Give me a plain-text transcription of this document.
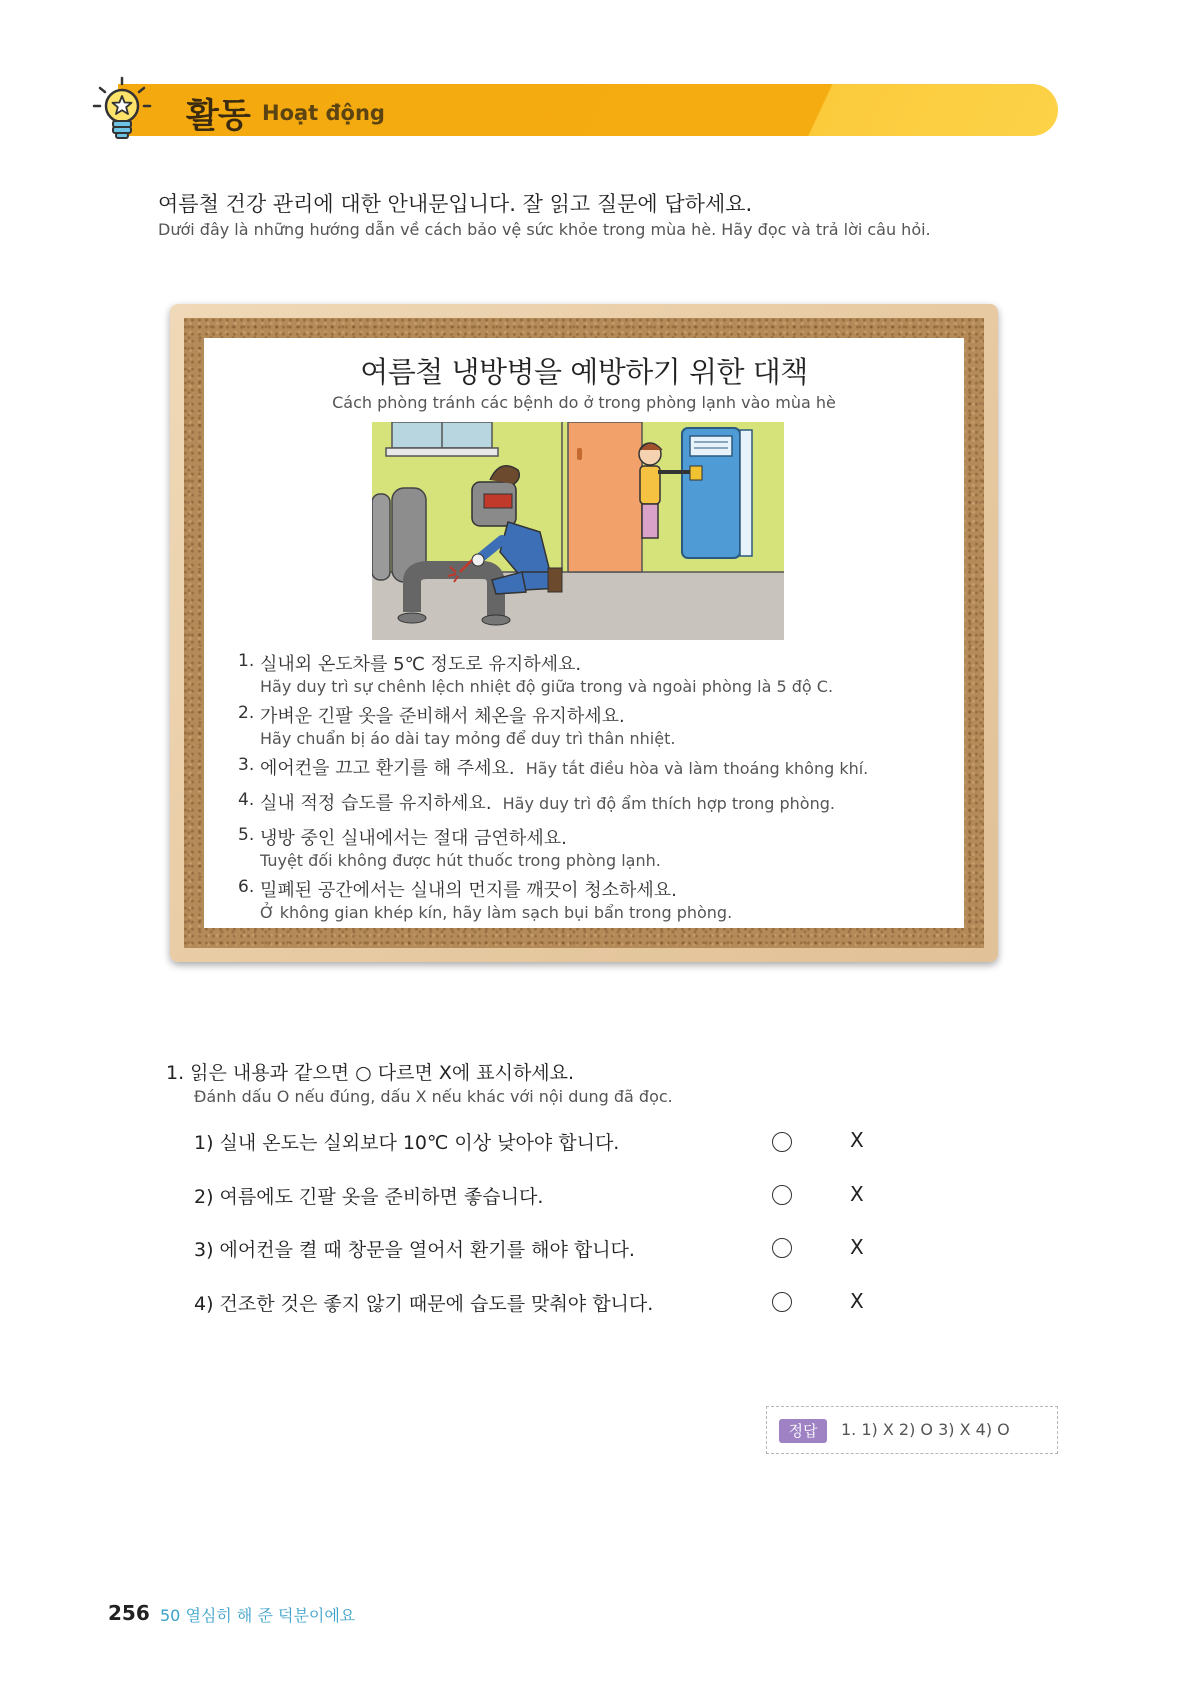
활동 Hoạt động
여름철 건강 관리에 대한 안내문입니다. 잘 읽고 질문에 답하세요.
Dưới đây là những hướng dẫn về cách bảo vệ sức khỏe trong mùa hè. Hãy đọc và trả lời câu hỏi.
여름철 냉방병을 예방하기 위한 대책
Cách phòng tránh các bệnh do ở trong phòng lạnh vào mùa hè
1. 실내외 온도차를 5℃ 정도로 유지하세요.
Hãy duy trì sự chênh lệch nhiệt độ giữa trong và ngoài phòng là 5 độ C.
2. 가벼운 긴팔 옷을 준비해서 체온을 유지하세요.
Hãy chuẩn bị áo dài tay mỏng để duy trì thân nhiệt.
3. 에어컨을 끄고 환기를 해 주세요. Hãy tắt điều hòa và làm thoáng không khí.
4. 실내 적정 습도를 유지하세요. Hãy duy trì độ ẩm thích hợp trong phòng.
5. 냉방 중인 실내에서는 절대 금연하세요.
Tuyệt đối không được hút thuốc trong phòng lạnh.
6. 밀폐된 공간에서는 실내의 먼지를 깨끗이 청소하세요.
Ở không gian khép kín, hãy làm sạch bụi bẩn trong phòng.
1. 읽은 내용과 같으면 ○ 다르면 X에 표시하세요.
Đánh dấu O nếu đúng, dấu X nếu khác với nội dung đã đọc.
1) 실내 온도는 실외보다 10℃ 이상 낮아야 합니다.	X
2) 여름에도 긴팔 옷을 준비하면 좋습니다.	X
3) 에어컨을 켤 때 창문을 열어서 환기를 해야 합니다.	X
4) 건조한 것은 좋지 않기 때문에 습도를 맞춰야 합니다.	X
정답	1. 1) X 2) O 3) X 4) O
256 50 열심히 해 준 덕분이에요
